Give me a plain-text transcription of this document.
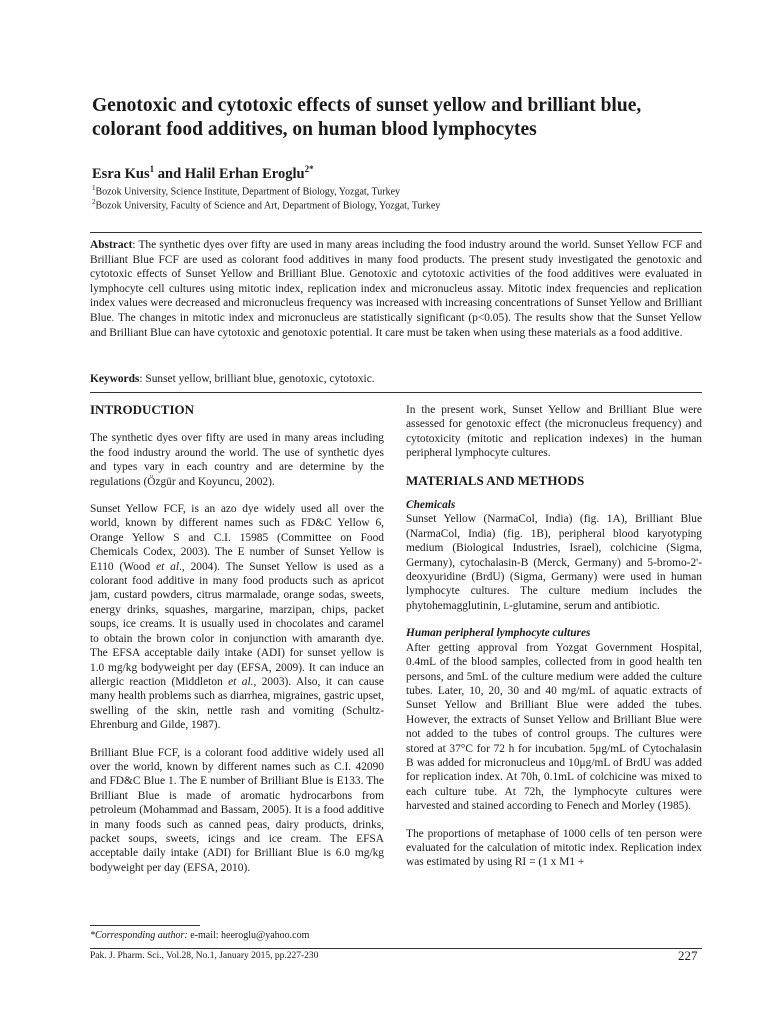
Genotoxic and cytotoxic effects of sunset yellow and brilliant blue, colorant food additives, on human blood lymphocytes
Esra Kus$^1$ and Halil Erhan Eroglu$^{2*}$
$^1$Bozok University, Science Institute, Department of Biology, Yozgat, Turkey
$^2$Bozok University, Faculty of Science and Art, Department of Biology, Yozgat, Turkey
Abstract: The synthetic dyes over fifty are used in many areas including the food industry around the world. Sunset Yellow FCF and Brilliant Blue FCF are used as colorant food additives in many food products. The present study investigated the genotoxic and cytotoxic effects of Sunset Yellow and Brilliant Blue. Genotoxic and cytotoxic activities of the food additives were evaluated in lymphocyte cell cultures using mitotic index, replication index and micronucleus assay. Mitotic index frequencies and replication index values were decreased and micronucleus frequency was increased with increasing concentrations of Sunset Yellow and Brilliant Blue. The changes in mitotic index and micronucleus are statistically significant (p<0.05). The results show that the Sunset Yellow and Brilliant Blue can have cytotoxic and genotoxic potential. It care must be taken when using these materials as a food additive.
Keywords: Sunset yellow, brilliant blue, genotoxic, cytotoxic.
INTRODUCTION

The synthetic dyes over fifty are used in many areas including the food industry around the world. The use of synthetic dyes and types vary in each country and are determine by the regulations (Özgür and Koyuncu, 2002).

Sunset Yellow FCF, is an azo dye widely used all over the world, known by different names such as FD&C Yellow 6, Orange Yellow S and C.I. 15985 (Committee on Food Chemicals Codex, 2003). The E number of Sunset Yellow is E110 (Wood et al., 2004). The Sunset Yellow is used as a colorant food additive in many food products such as apricot jam, custard powders, citrus marmalade, orange sodas, sweets, energy drinks, squashes, margarine, marzipan, chips, packet soups, ice creams. It is usually used in chocolates and caramel to obtain the brown color in conjunction with amaranth dye. The EFSA acceptable daily intake (ADI) for sunset yellow is 1.0 mg/kg bodyweight per day (EFSA, 2009). It can induce an allergic reaction (Middleton et al., 2003). Also, it can cause many health problems such as diarrhea, migraines, gastric upset, swelling of the skin, nettle rash and vomiting (Schultz-Ehrenburg and Gilde, 1987).

Brilliant Blue FCF, is a colorant food additive widely used all over the world, known by different names such as C.I. 42090 and FD&C Blue 1. The E number of Brilliant Blue is E133. The Brilliant Blue is made of aromatic hydrocarbons from petroleum (Mohammad and Bassam, 2005). It is a food additive in many foods such as canned peas, dairy products, drinks, packet soups, sweets, icings and ice cream. The EFSA acceptable daily intake (ADI) for Brilliant Blue is 6.0 mg/kg bodyweight per day (EFSA, 2010).

In the present work, Sunset Yellow and Brilliant Blue were assessed for genotoxic effect (the micronucleus frequency) and cytotoxicity (mitotic and replication indexes) in the human peripheral lymphocyte cultures.

MATERIALS AND METHODS
Chemicals

Sunset Yellow (NarmaCol, India) (fig. 1A), Brilliant Blue (NarmaCol, India) (fig. 1B), peripheral blood karyotyping medium (Biological Industries, Israel), colchicine (Sigma, Germany), cytochalasin-B (Merck, Germany) and 5-bromo-2'-deoxyuridine (BrdU) (Sigma, Germany) were used in human lymphocyte cultures. The culture medium includes the phytohemagglutinin, L-glutamine, serum and antibiotic.

Human peripheral lymphocyte cultures

After getting approval from Yozgat Government Hospital, 0.4mL of the blood samples, collected from in good health ten persons, and 5mL of the culture medium were added the culture tubes. Later, 10, 20, 30 and 40 mg/mL of aquatic extracts of Sunset Yellow and Brilliant Blue were added the tubes. However, the extracts of Sunset Yellow and Brilliant Blue were not added to the tubes of control groups. The cultures were stored at 37°C for 72 h for incubation. 5μg/mL of Cytochalasin B was added for micronucleus and 10μg/mL of BrdU was added for replication index. At 70h, 0.1mL of colchicine was mixed to each culture tube. At 72h, the lymphocyte cultures were harvested and stained according to Fenech and Morley (1985).

The proportions of metaphase of 1000 cells of ten person were evaluated for the calculation of mitotic index. Replication index was estimated by using RI = (1 x M1 +

*Corresponding author: e-mail: heeroglu@yahoo.com
Pak. J. Pharm. Sci., Vol.28, No.1, January 2015, pp.227-230	227
